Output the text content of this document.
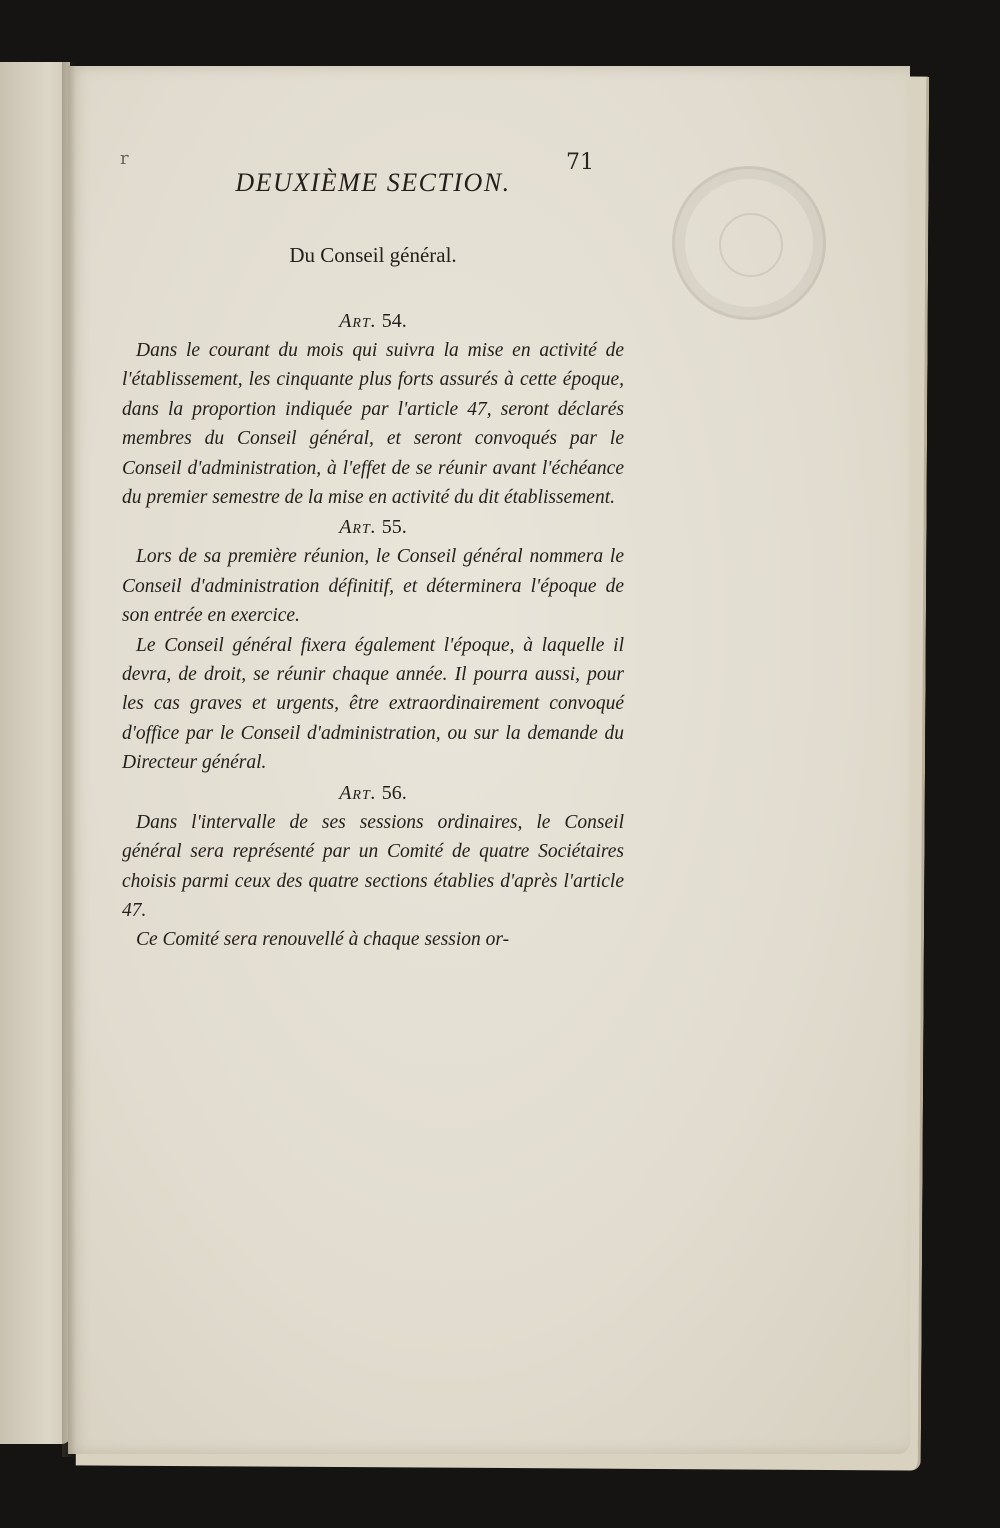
r	71
DEUXIÈME SECTION.
Du Conseil général.
Art. 54.

Dans le courant du mois qui suivra la mise en activité de l'établissement, les cinquante plus forts assurés à cette époque, dans la proportion indiquée par l'article 47, seront déclarés membres du Conseil général, et seront convoqués par le Conseil d'administration, à l'effet de se réunir avant l'échéance du premier semestre de la mise en activité du dit établissement.

Art. 55.

Lors de sa première réunion, le Conseil général nommera le Conseil d'administration définitif, et déterminera l'époque de son entrée en exercice.

Le Conseil général fixera également l'époque, à laquelle il devra, de droit, se réunir chaque année. Il pourra aussi, pour les cas graves et urgents, être extraordinairement convoqué d'office par le Conseil d'administration, ou sur la demande du Directeur général.

Art. 56.

Dans l'intervalle de ses sessions ordinaires, le Conseil général sera représenté par un Comité de quatre Sociétaires choisis parmi ceux des quatre sections établies d'après l'article 47.

Ce Comité sera renouvellé à chaque session or-
